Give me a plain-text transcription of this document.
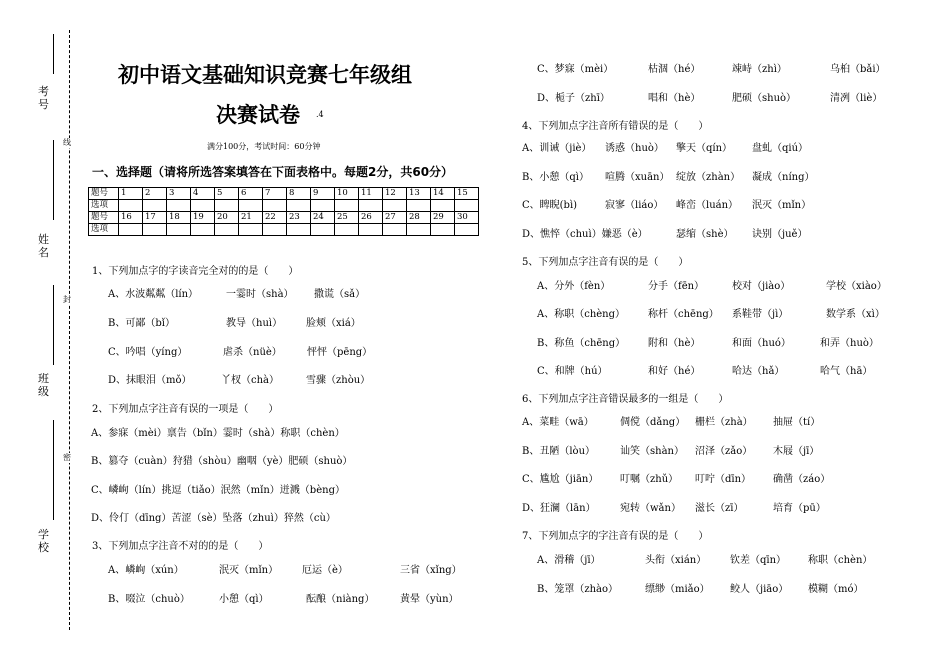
考号
姓名
班级
学校
线
封
密
初中语文基础知识竞赛七年级组
决赛试卷 .4
满分100分，考试时间：60分钟
一、选择题（请将所选答案填答在下面表格中。每题2分，共60分）
题号	1	2	3	4	5	6	7	8	9	10	11	12	13	14	15
选项															
题号	16	17	18	19	20	21	22	23	24	25	26	27	28	29	30
选项															
1、下列加点字的字读音完全对的的是（　　）
A、水波粼粼（lín）	一霎时（shà） 撒谎（sǎ）
B、可鄙（bǐ）	教导（huì） 脸颊（xiá）
C、吟唱（yíng）	虐杀（nüè）	怦怦（pēng）
D、抹眼泪（mǒ）	丫杈（chà）	雪骤（zhòu）
2、下列加点字注音有误的一项是（　　）
A、参寐（mèi）禀告（bǐn）霎时（shà）称职（chèn）
B、篡夺（cuàn）狩猎（shòu）幽咽（yè）肥硕（shuò）
C、嶙峋（lín）挑逗（tiǎo）泯然（mǐn）迸溅（bèng）
D、伶仃（dīng）苦涩（sè）坠落（zhuì）猝然（cù）
3、下列加点字注音不对的的是（　　）
A、嶙峋（xún）	泯灭（mǐn） 厄运（è）	三省（xǐng）
B、啜泣（chuò）	小憩（qì）	酝酿（niàng）	黄晕（yùn）
C、梦寐（mèi）	枯涸（hé）	竦峙（zhì）	乌桕（bǎi）
D、栀子（zhī）	唱和（hè）	肥硕（shuò）	清冽（liè）
4、下列加点字注音所有错误的是（　　）
A、训诫（jiè） 诱惑（huò） 擎天（qín） 盘虬（qiú）
B、小憩（qì） 喧腾（xuān） 绽放（zhàn） 凝成（níng）
C、睥睨(bì)	寂寥（liáo） 峰峦（luán） 泯灭（mǐn）
D、憔悴（chuì）嫌恶（è）	瑟缩（shè） 诀别（juě）
5、下列加点字注音有误的是（　　）
A、分外（fèn）	分手（fēn）	校对（jiào）	学校（xiào）
A、称职（chèng） 称杆（chēng） 系鞋带（jì）	数学系（xì）
B、称鱼（chēng） 附和（hè）	和面（huó）	和弄（huò）
C、和牌（hú）	和好（hé）	哈达（hǎ）	哈气（hā）
6、下列加点字注音错误最多的一组是（　　）
A、菜畦（wā）	倜傥（dǎng） 栅栏（zhà） 抽屉（tí）
B、丑陋（lòu） 讪笑（shàn） 沼泽（zǎo） 木屐（jī）
C、尴尬（jiān） 叮嘱（zhǔ） 叮咛（dīn） 确凿（záo）
D、狂澜（lān） 宛转（wǎn） 滋长（zī）	培育（pū）
7、下列加点字的字注音有误的是（　　）
A、滑稽（jī）	头衔（xián） 钦差（qīn） 称职（chèn）
B、笼罩（zhào）	缥缈（miǎo） 鲛人（jiāo） 模糊（mó）
